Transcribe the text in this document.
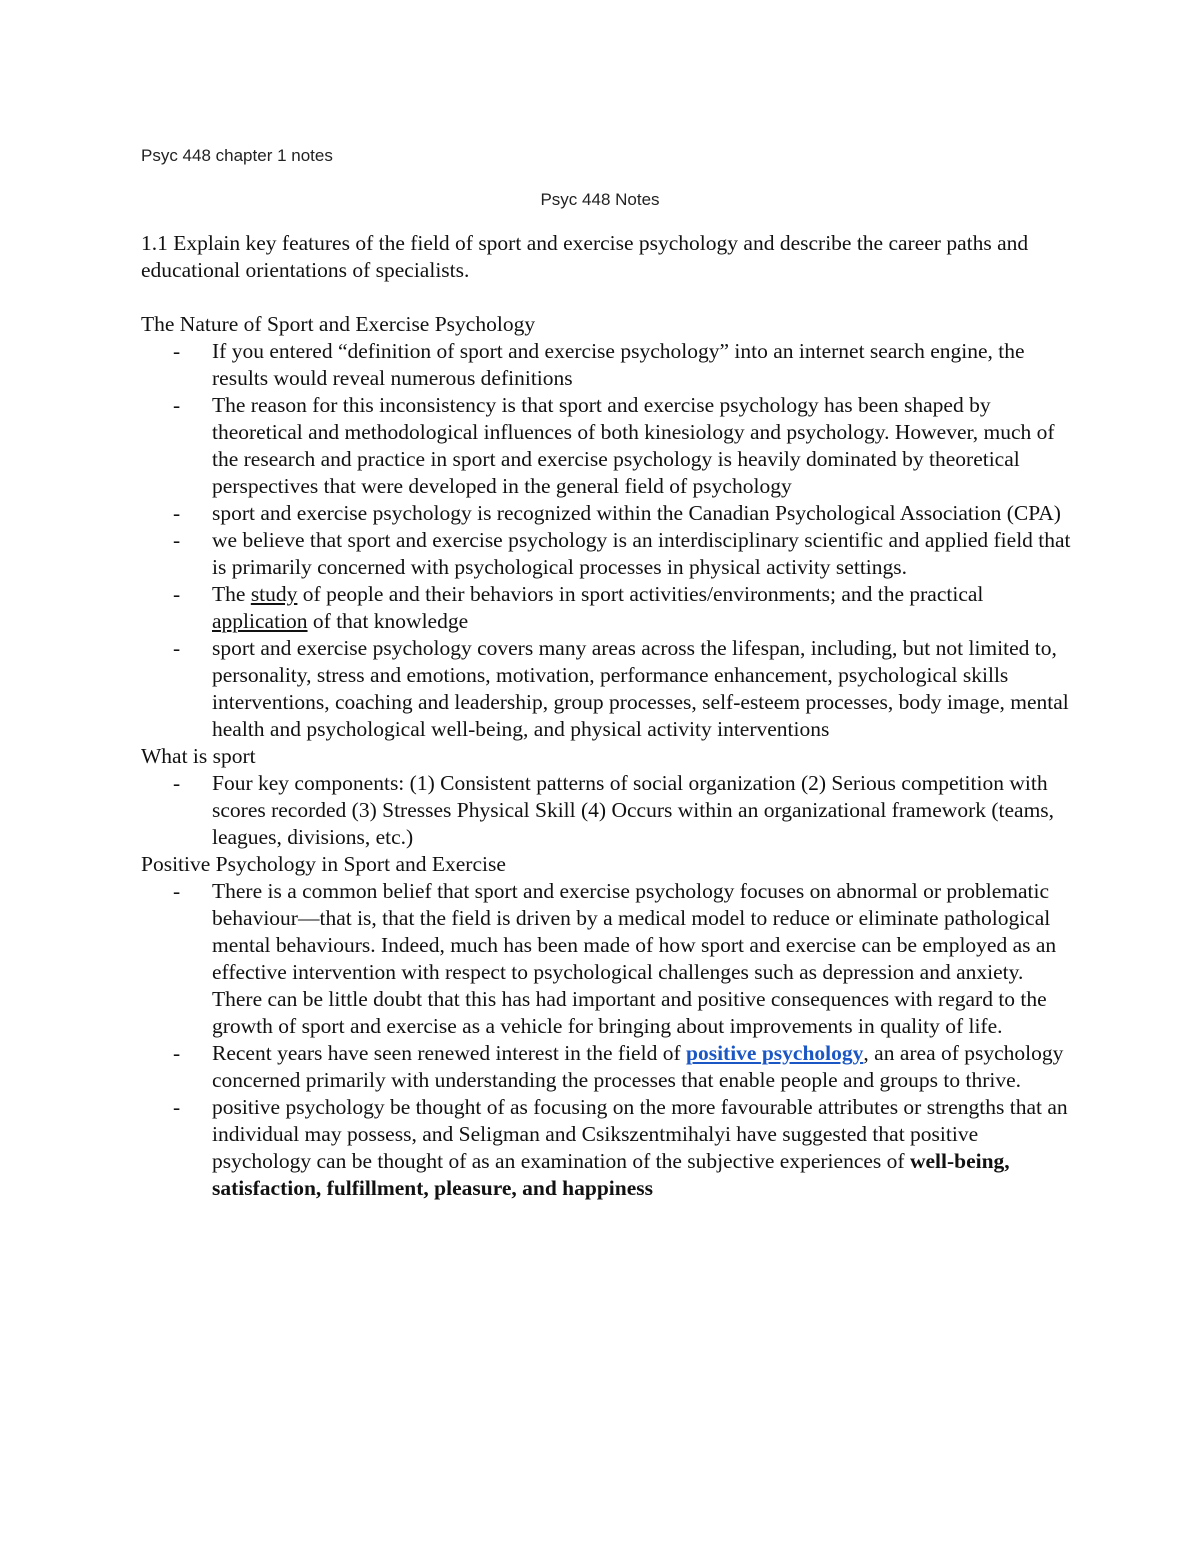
Psyc 448 chapter 1 notes
Psyc 448 Notes

1.1 Explain key features of the field of sport and exercise psychology and describe the career paths and educational orientations of specialists.

The Nature of Sport and Exercise Psychology

- If you entered “definition of sport and exercise psychology” into an internet search engine, the results would reveal numerous definitions
- The reason for this inconsistency is that sport and exercise psychology has been shaped by theoretical and methodological influences of both kinesiology and psychology. However, much of the research and practice in sport and exercise psychology is heavily dominated by theoretical perspectives that were developed in the general field of psychology
- sport and exercise psychology is recognized within the Canadian Psychological Association (CPA)
- we believe that sport and exercise psychology is an interdisciplinary scientific and applied field that is primarily concerned with psychological processes in physical activity settings.
- The study of people and their behaviors in sport activities/environments; and the practical application of that knowledge
- sport and exercise psychology covers many areas across the lifespan, including, but not limited to, personality, stress and emotions, motivation, performance enhancement, psychological skills interventions, coaching and leadership, group processes, self-esteem processes, body image, mental health and psychological well-being, and physical activity interventions

What is sport

- Four key components: (1) Consistent patterns of social organization (2) Serious competition with scores recorded (3) Stresses Physical Skill (4) Occurs within an organizational framework (teams, leagues, divisions, etc.)

Positive Psychology in Sport and Exercise

- There is a common belief that sport and exercise psychology focuses on abnormal or problematic behaviour—that is, that the field is driven by a medical model to reduce or eliminate pathological mental behaviours. Indeed, much has been made of how sport and exercise can be employed as an effective intervention with respect to psychological challenges such as depression and anxiety. There can be little doubt that this has had important and positive consequences with regard to the growth of sport and exercise as a vehicle for bringing about improvements in quality of life.
- Recent years have seen renewed interest in the field of positive psychology, an area of psychology concerned primarily with understanding the processes that enable people and groups to thrive.
- positive psychology be thought of as focusing on the more favourable attributes or strengths that an individual may possess, and Seligman and Csikszentmihalyi have suggested that positive psychology can be thought of as an examination of the subjective experiences of well-being, satisfaction, fulfillment, pleasure, and happiness
